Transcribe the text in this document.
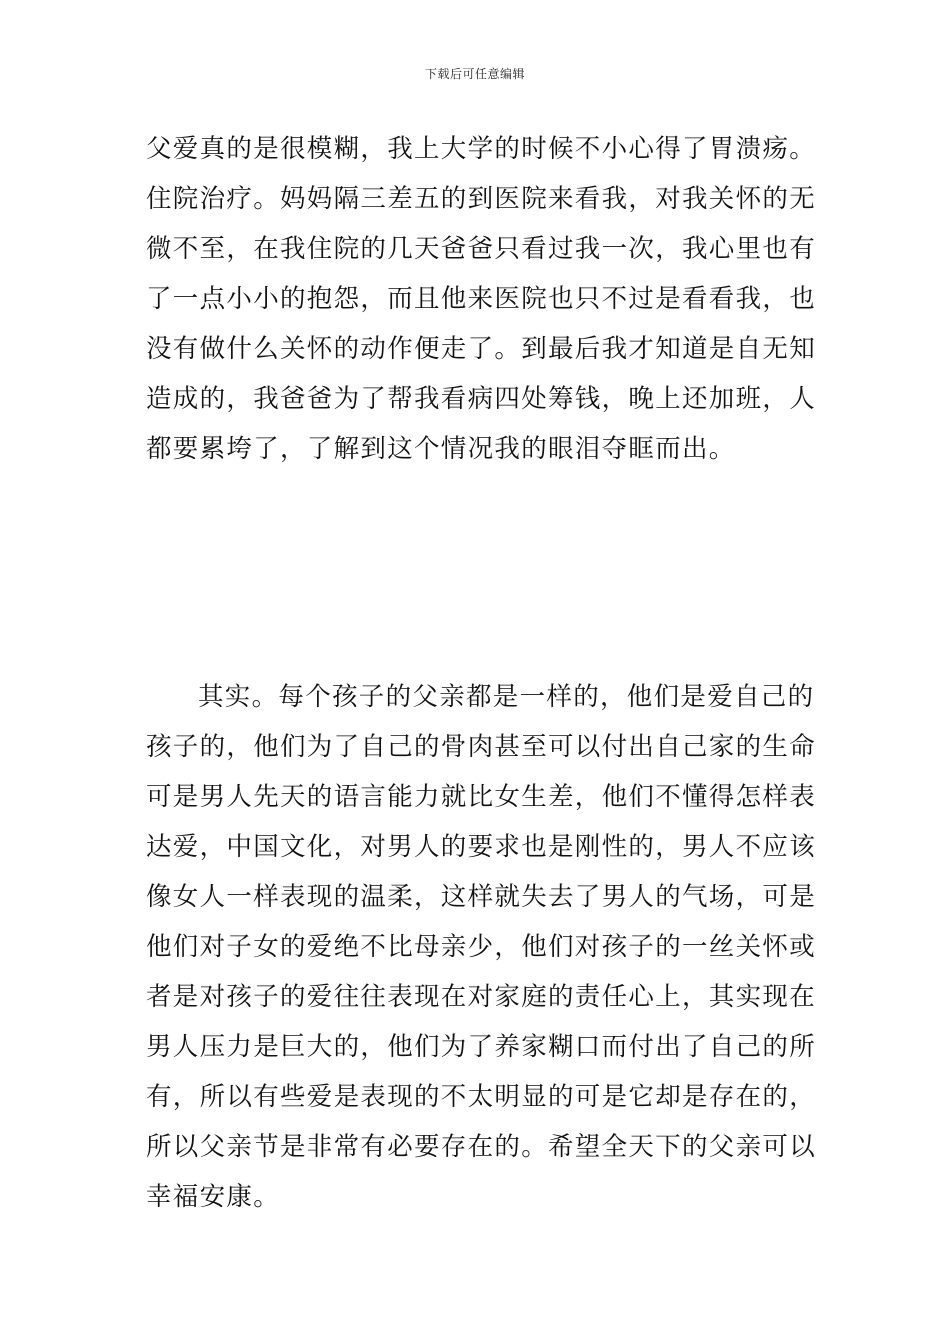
下载后可任意编辑
父爱真的是很模糊，我上大学的时候不小心得了胃溃疡。
住院治疗。妈妈隔三差五的到医院来看我，对我关怀的无
微不至，在我住院的几天爸爸只看过我一次，我心里也有
了一点小小的抱怨，而且他来医院也只不过是看看我，也
没有做什么关怀的动作便走了。到最后我才知道是自无知
造成的，我爸爸为了帮我看病四处筹钱，晚上还加班，人
都要累垮了，了解到这个情况我的眼泪夺眶而出。
其实。每个孩子的父亲都是一样的，他们是爱自己的
孩子的，他们为了自己的骨肉甚至可以付出自己家的生命
可是男人先天的语言能力就比女生差，他们不懂得怎样表
达爱，中国文化，对男人的要求也是刚性的，男人不应该
像女人一样表现的温柔，这样就失去了男人的气场，可是
他们对子女的爱绝不比母亲少，他们对孩子的一丝关怀或
者是对孩子的爱往往表现在对家庭的责任心上，其实现在
男人压力是巨大的，他们为了养家糊口而付出了自己的所
有，所以有些爱是表现的不太明显的可是它却是存在的，
所以父亲节是非常有必要存在的。希望全天下的父亲可以
幸福安康。
